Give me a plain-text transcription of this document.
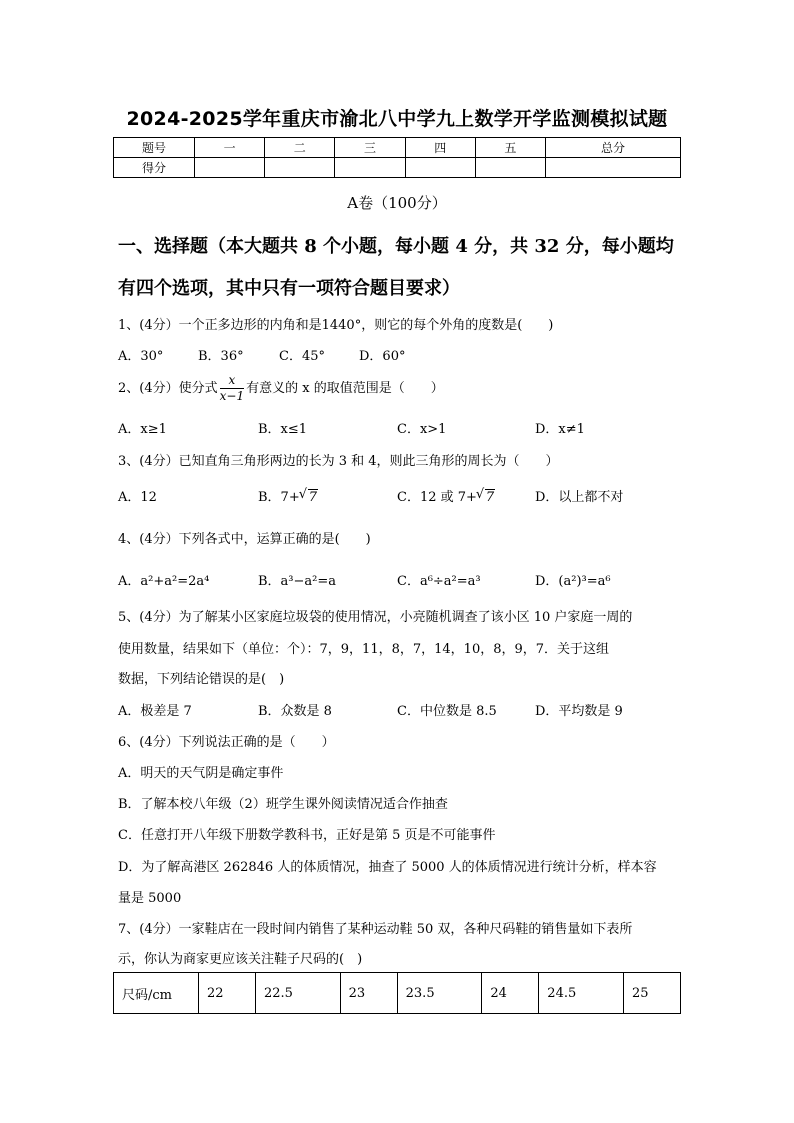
2024-2025学年重庆市渝北八中学九上数学开学监测模拟试题
题号	一	二	三	四	五	总分
得分						
A卷（100分）
一、选择题（本大题共 8 个小题，每小题 4 分，共 32 分，每小题均
有四个选项，其中只有一项符合题目要求）
1、(4分）一个正多边形的内角和是1440°，则它的每个外角的度数是(　　)
A．30°	B．36°	C．45°	D．60°
2、(4分）使分式 $\frac{x}{x-1}$ 有意义的 x 的取值范围是（　　）
A．x≥1	B．x≤1	C．x>1	D．x≠1
3、(4分）已知直角三角形两边的长为 3 和 4，则此三角形的周长为（　　）
A．12	B．7+ √ 7	C．12 或 7+ √ 7	D．以上都不对
4、(4分）下列各式中，运算正确的是(　　)
A．a²+a²=2a⁴	B．a³−a²=a	C．a⁶÷a²=a³	D．(a²)³=a⁶
5、(4分）为了解某小区家庭垃圾袋的使用情况，小亮随机调查了该小区 10 户家庭一周的
使用数量，结果如下（单位：个）：7，9，11，8，7，14，10，8，9，7．关于这组
数据，下列结论错误的是(　)
A．极差是 7	B．众数是 8	C．中位数是 8.5	D．平均数是 9
6、(4分）下列说法正确的是（　　）
A．明天的天气阴是确定事件
B．了解本校八年级（2）班学生课外阅读情况适合作抽查
C．任意打开八年级下册数学教科书，正好是第 5 页是不可能事件
D．为了解高港区 262846 人的体质情况，抽查了 5000 人的体质情况进行统计分析，样本容
量是 5000
7、(4分）一家鞋店在一段时间内销售了某种运动鞋 50 双，各种尺码鞋的销售量如下表所
示，你认为商家更应该关注鞋子尺码的(　)
尺码/cm	22	22.5	23	23.5	24	24.5	25
